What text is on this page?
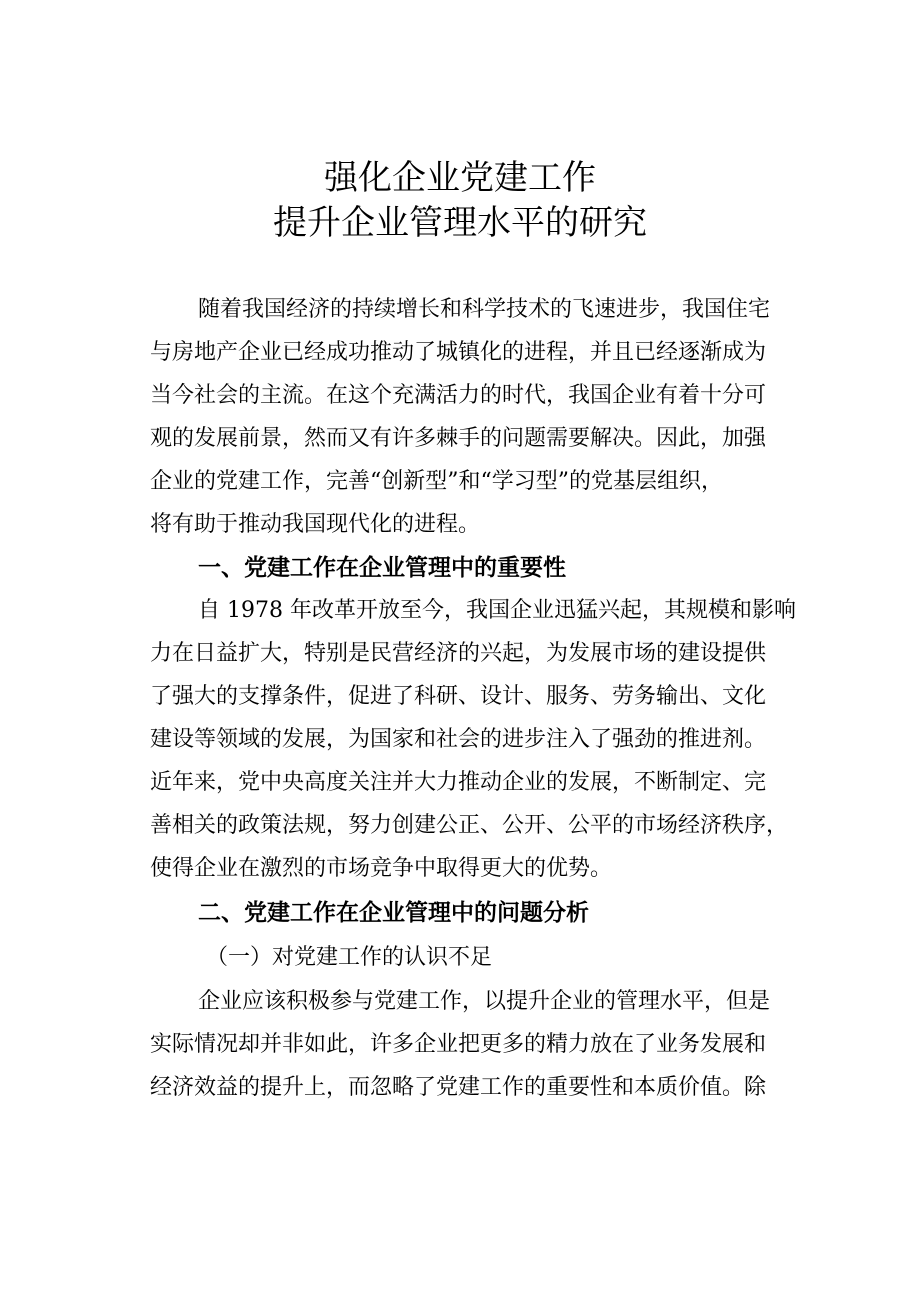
强化企业党建工作
提升企业管理水平的研究
随着我国经济的持续增长和科学技术的飞速进步，我国住宅
与房地产企业已经成功推动了城镇化的进程，并且已经逐渐成为
当今社会的主流。在这个充满活力的时代，我国企业有着十分可
观的发展前景，然而又有许多棘手的问题需要解决。因此，加强
企业的党建工作，完善“创新型”和“学习型”的党基层组织，
将有助于推动我国现代化的进程。
一、党建工作在企业管理中的重要性
自 1978 年改革开放至今，我国企业迅猛兴起，其规模和影响
力在日益扩大，特别是民营经济的兴起，为发展市场的建设提供
了强大的支撑条件，促进了科研、设计、服务、劳务输出、文化
建设等领域的发展，为国家和社会的进步注入了强劲的推进剂。
近年来，党中央高度关注并大力推动企业的发展，不断制定、完
善相关的政策法规，努力创建公正、公开、公平的市场经济秩序，
使得企业在激烈的市场竞争中取得更大的优势。
二、党建工作在企业管理中的问题分析
（一）对党建工作的认识不足
企业应该积极参与党建工作，以提升企业的管理水平，但是
实际情况却并非如此，许多企业把更多的精力放在了业务发展和
经济效益的提升上，而忽略了党建工作的重要性和本质价值。除
